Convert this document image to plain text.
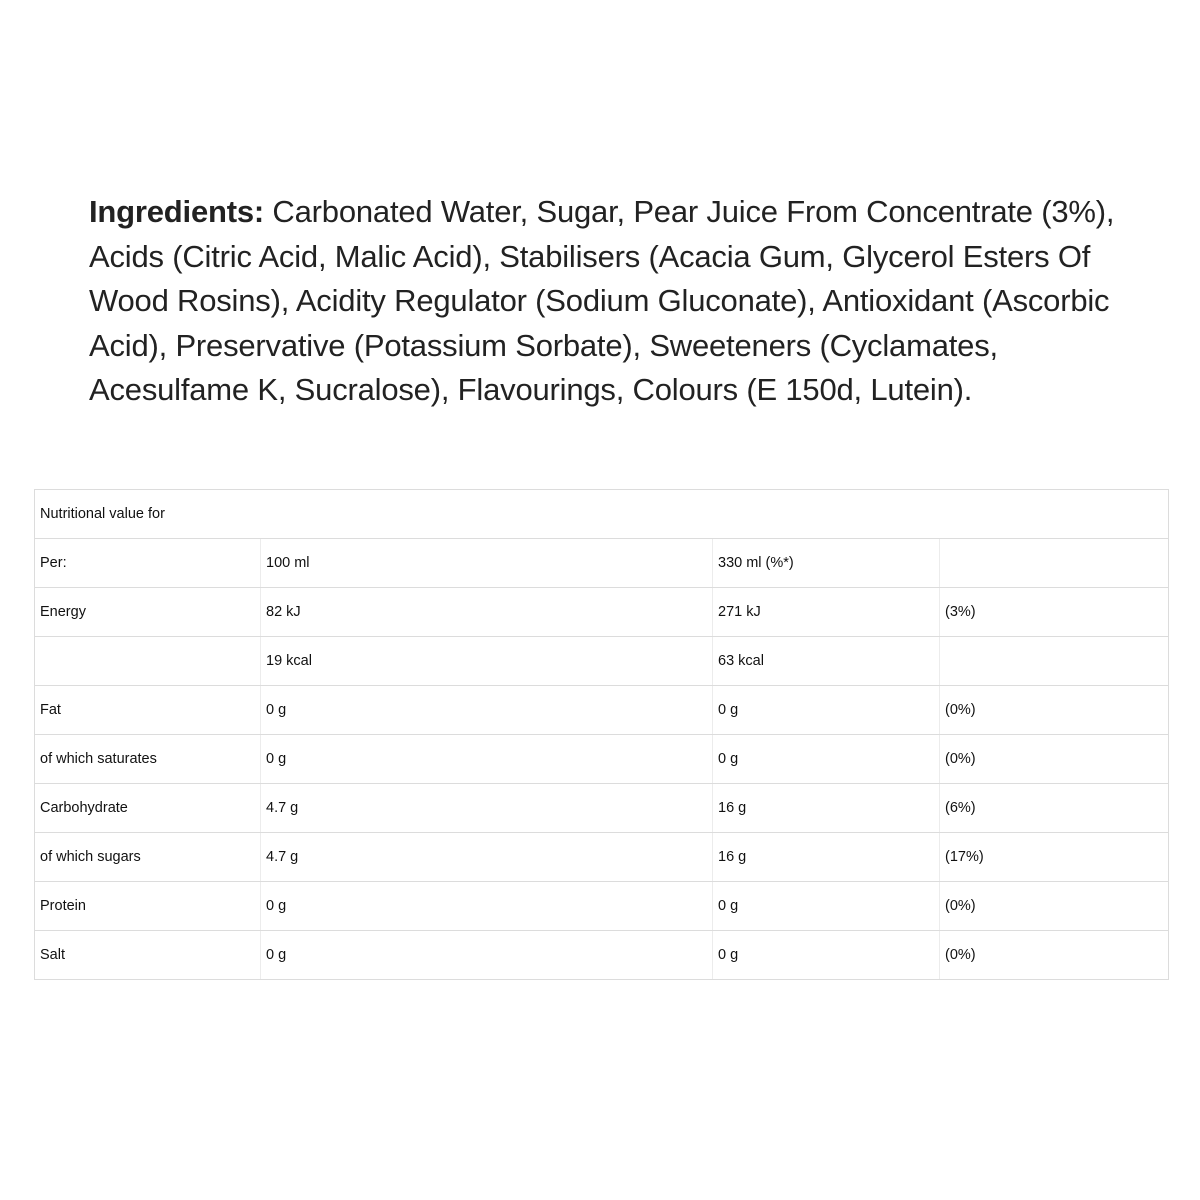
Ingredients: Carbonated Water, Sugar, Pear Juice From Concentrate (3%), Acids (Citric Acid, Malic Acid), Stabilisers (Acacia Gum, Glycerol Esters Of Wood Rosins), Acidity Regulator (Sodium Gluconate), Antioxidant (Ascorbic Acid), Preservative (Potassium Sorbate), Sweeteners (Cyclamates, Acesulfame K, Sucralose), Flavourings, Colours (E 150d, Lutein).
Nutritional value for			
Per:	100 ml	330 ml (%*)	
Energy	82 kJ	271 kJ	(3%)
	19 kcal	63 kcal	
Fat	0 g	0 g	(0%)
of which saturates	0 g	0 g	(0%)
Carbohydrate	4.7 g	16 g	(6%)
of which sugars	4.7 g	16 g	(17%)
Protein	0 g	0 g	(0%)
Salt	0 g	0 g	(0%)
